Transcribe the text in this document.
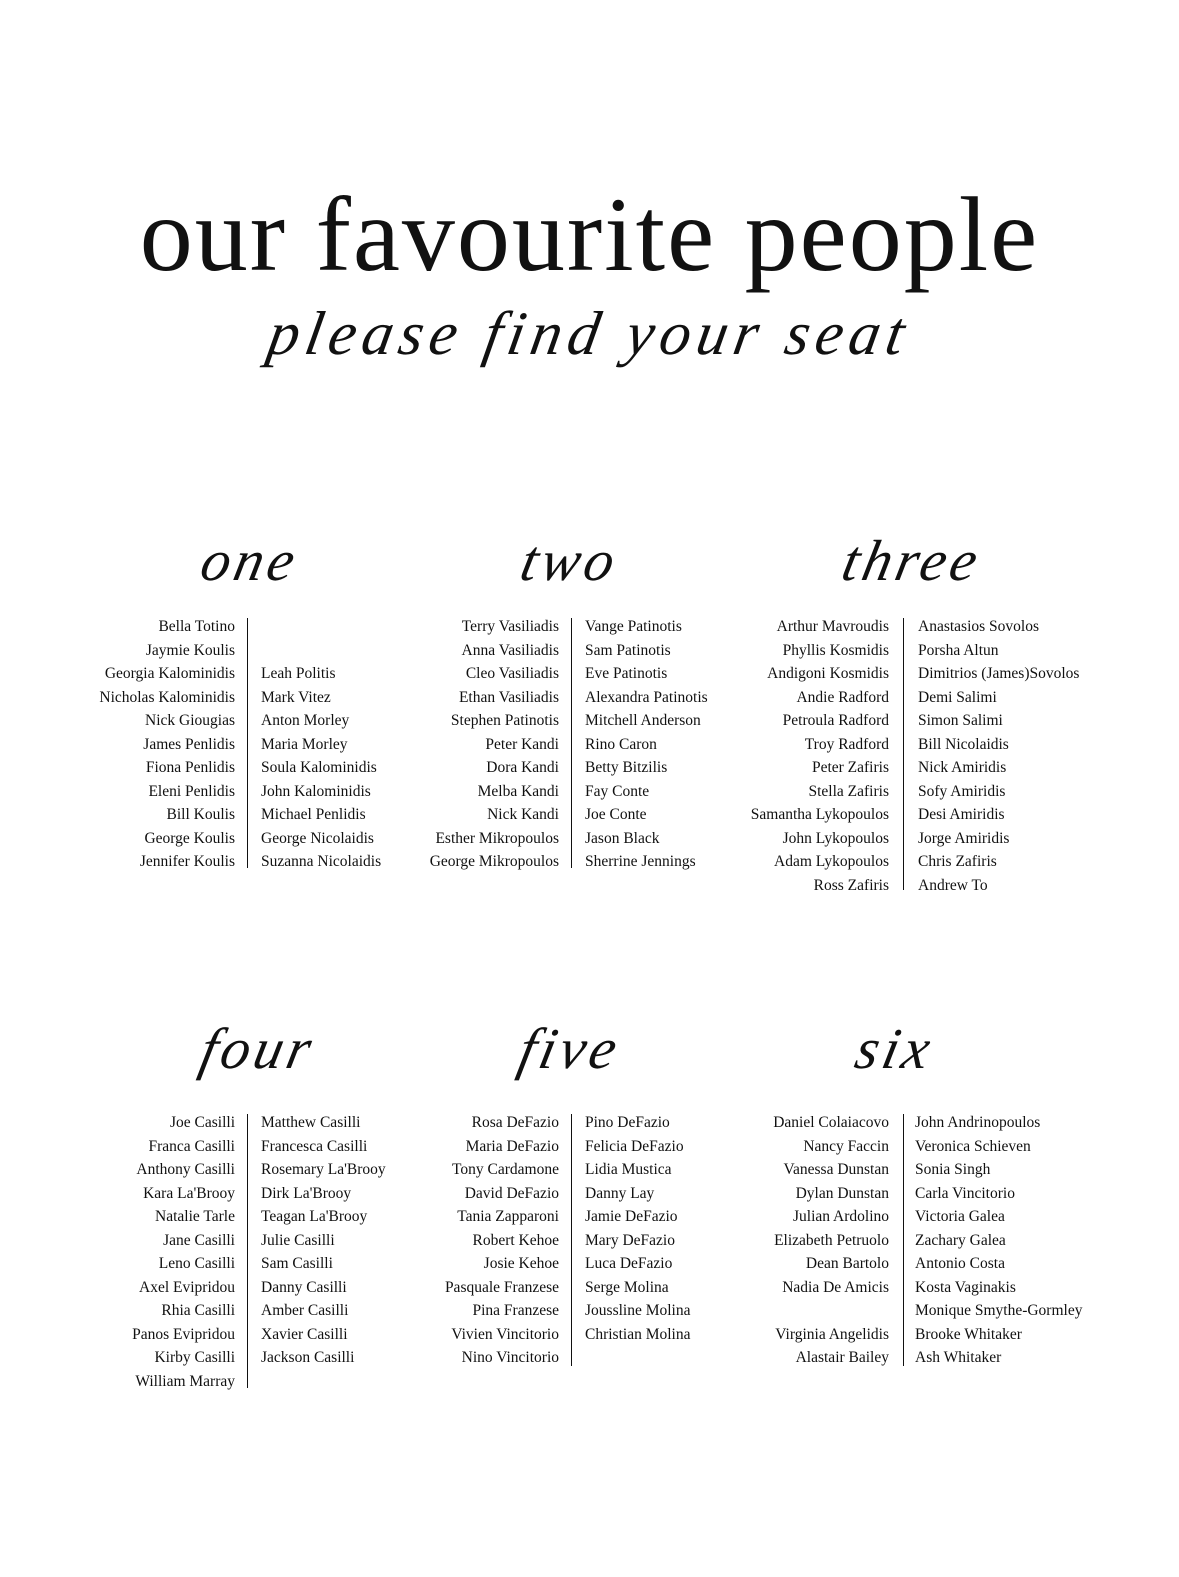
our favourite people
please find your seat
one
Bella Totino
Jaymie Koulis
Georgia Kalominidis
Nicholas Kalominidis
Nick Giougias
James Penlidis
Fiona Penlidis
Eleni Penlidis
Bill Koulis
George Koulis
Jennifer Koulis
Leah Politis
Mark Vitez
Anton Morley
Maria Morley
Soula Kalominidis
John Kalominidis
Michael Penlidis
George Nicolaidis
Suzanna Nicolaidis
two
Terry Vasiliadis
Anna Vasiliadis
Cleo Vasiliadis
Ethan Vasiliadis
Stephen Patinotis
Peter Kandi
Dora Kandi
Melba Kandi
Nick Kandi
Esther Mikropoulos
George Mikropoulos
Vange Patinotis
Sam Patinotis
Eve Patinotis
Alexandra Patinotis
Mitchell Anderson
Rino Caron
Betty Bitzilis
Fay Conte
Joe Conte
Jason Black
Sherrine Jennings
three
Arthur Mavroudis
Phyllis Kosmidis
Andigoni Kosmidis
Andie Radford
Petroula Radford
Troy Radford
Peter Zafiris
Stella Zafiris
Samantha Lykopoulos
John Lykopoulos
Adam Lykopoulos
Ross Zafiris
Anastasios Sovolos
Porsha Altun
Dimitrios (James)Sovolos
Demi Salimi
Simon Salimi
Bill Nicolaidis
Nick Amiridis
Sofy Amiridis
Desi Amiridis
Jorge Amiridis
Chris Zafiris
Andrew To
four
Joe Casilli
Franca Casilli
Anthony Casilli
Kara La'Brooy
Natalie Tarle
Jane Casilli
Leno Casilli
Axel Evipridou
Rhia Casilli
Panos Evipridou
Kirby Casilli
William Marray
Matthew Casilli
Francesca Casilli
Rosemary La'Brooy
Dirk La'Brooy
Teagan La'Brooy
Julie Casilli
Sam Casilli
Danny Casilli
Amber Casilli
Xavier Casilli
Jackson Casilli
five
Rosa DeFazio
Maria DeFazio
Tony Cardamone
David DeFazio
Tania Zapparoni
Robert Kehoe
Josie Kehoe
Pasquale Franzese
Pina Franzese
Vivien Vincitorio
Nino Vincitorio
Pino DeFazio
Felicia DeFazio
Lidia Mustica
Danny Lay
Jamie DeFazio
Mary DeFazio
Luca DeFazio
Serge Molina
Joussline Molina
Christian Molina
six
Daniel Colaiacovo
Nancy Faccin
Vanessa Dunstan
Dylan Dunstan
Julian Ardolino
Elizabeth Petruolo
Dean Bartolo
Nadia De Amicis
Virginia Angelidis
Alastair Bailey
John Andrinopoulos
Veronica Schieven
Sonia Singh
Carla Vincitorio
Victoria Galea
Zachary Galea
Antonio Costa
Kosta Vaginakis
Monique Smythe-Gormley
Brooke Whitaker
Ash Whitaker
